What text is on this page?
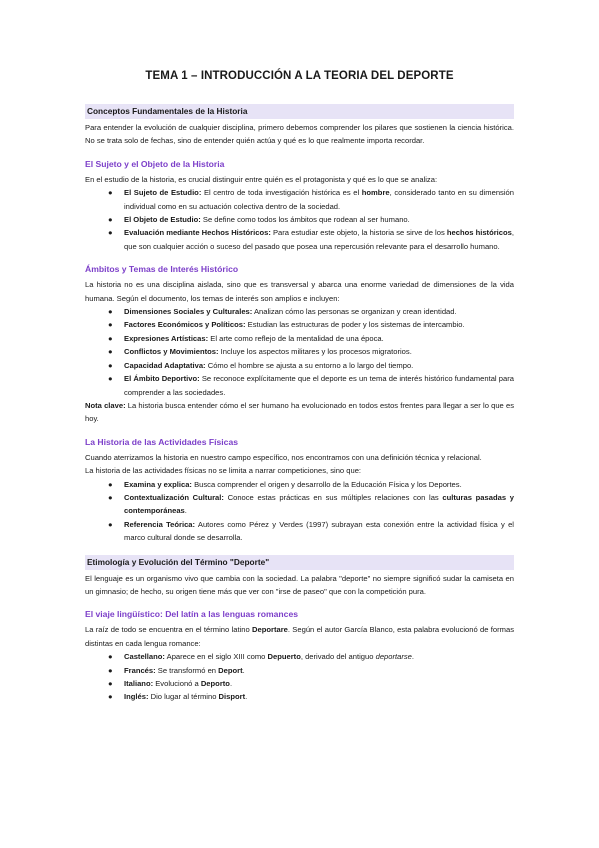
TEMA 1 – INTRODUCCIÓN A LA TEORIA DEL DEPORTE
Conceptos Fundamentales de la Historia

Para entender la evolución de cualquier disciplina, primero debemos comprender los pilares que sostienen la ciencia histórica. No se trata solo de fechas, sino de entender quién actúa y qué es lo que realmente importa recordar.

El Sujeto y el Objeto de la Historia

En el estudio de la historia, es crucial distinguir entre quién es el protagonista y qué es lo que se analiza:

● El Sujeto de Estudio: El centro de toda investigación histórica es el hombre, considerado tanto en su dimensión individual como en su actuación colectiva dentro de la sociedad.
● El Objeto de Estudio: Se define como todos los ámbitos que rodean al ser humano.
● Evaluación mediante Hechos Históricos: Para estudiar este objeto, la historia se sirve de los hechos históricos, que son cualquier acción o suceso del pasado que posea una repercusión relevante para el desarrollo humano.
Ámbitos y Temas de Interés Histórico

La historia no es una disciplina aislada, sino que es transversal y abarca una enorme variedad de dimensiones de la vida humana. Según el documento, los temas de interés son amplios e incluyen:

● Dimensiones Sociales y Culturales: Analizan cómo las personas se organizan y crean identidad.
● Factores Económicos y Políticos: Estudian las estructuras de poder y los sistemas de intercambio.
● Expresiones Artísticas: El arte como reflejo de la mentalidad de una época.
● Conflictos y Movimientos: Incluye los aspectos militares y los procesos migratorios.
● Capacidad Adaptativa: Cómo el hombre se ajusta a su entorno a lo largo del tiempo.
● El Ámbito Deportivo: Se reconoce explícitamente que el deporte es un tema de interés histórico fundamental para comprender a las sociedades.

Nota clave: La historia busca entender cómo el ser humano ha evolucionado en todos estos frentes para llegar a ser lo que es hoy.

La Historia de las Actividades Físicas

Cuando aterrizamos la historia en nuestro campo específico, nos encontramos con una definición técnica y relacional.

La historia de las actividades físicas no se limita a narrar competiciones, sino que:

● Examina y explica: Busca comprender el origen y desarrollo de la Educación Física y los Deportes.
● Contextualización Cultural: Conoce estas prácticas en sus múltiples relaciones con las culturas pasadas y contemporáneas.
● Referencia Teórica: Autores como Pérez y Verdes (1997) subrayan esta conexión entre la actividad física y el marco cultural donde se desarrolla.
Etimología y Evolución del Término "Deporte"

El lenguaje es un organismo vivo que cambia con la sociedad. La palabra "deporte" no siempre significó sudar la camiseta en un gimnasio; de hecho, su origen tiene más que ver con "irse de paseo" que con la competición pura.

El viaje lingüístico: Del latín a las lenguas romances

La raíz de todo se encuentra en el término latino Deportare. Según el autor García Blanco, esta palabra evolucionó de formas distintas en cada lengua romance:

● Castellano: Aparece en el siglo XIII como Depuerto, derivado del antiguo deportarse.
● Francés: Se transformó en Deport.
● Italiano: Evolucionó a Deporto.
● Inglés: Dio lugar al término Disport.
